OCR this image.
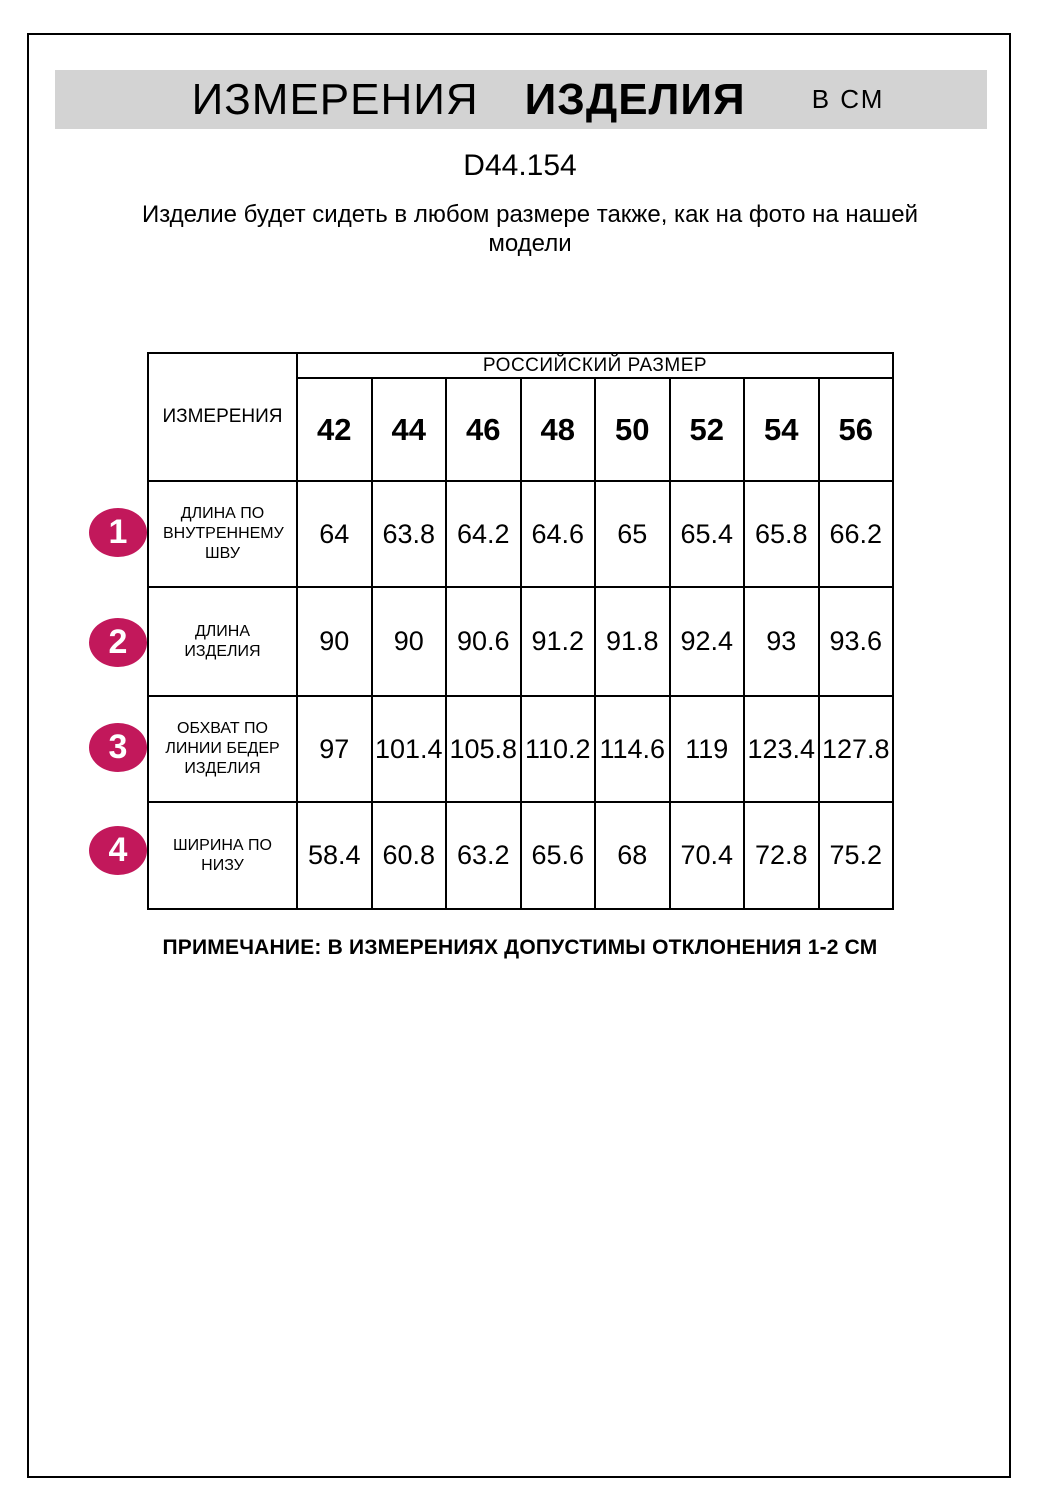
ИЗМЕРЕНИЯ ИЗДЕЛИЯ	В СМ
D44.154
Изделие будет сидеть в любом размере также, как на фото на нашей модели
ИЗМЕРЕНИЯ	РОССИЙСКИЙ РАЗМЕР							
	42	44	46	48	50	52	54	56
ДЛИНА ПО ВНУТРЕННЕМУ ШВУ	64	63.8	64.2	64.6	65	65.4	65.8	66.2
ДЛИНА ИЗДЕЛИЯ	90	90	90.6	91.2	91.8	92.4	93	93.6
ОБХВАТ ПО ЛИНИИ БЕДЕР ИЗДЕЛИЯ	97	101.4	105.8	110.2	114.6	119	123.4	127.8
ШИРИНА ПО НИЗУ	58.4	60.8	63.2	65.6	68	70.4	72.8	75.2
1
2
3
4
ПРИМЕЧАНИЕ: В ИЗМЕРЕНИЯХ ДОПУСТИМЫ ОТКЛОНЕНИЯ 1-2 СМ
